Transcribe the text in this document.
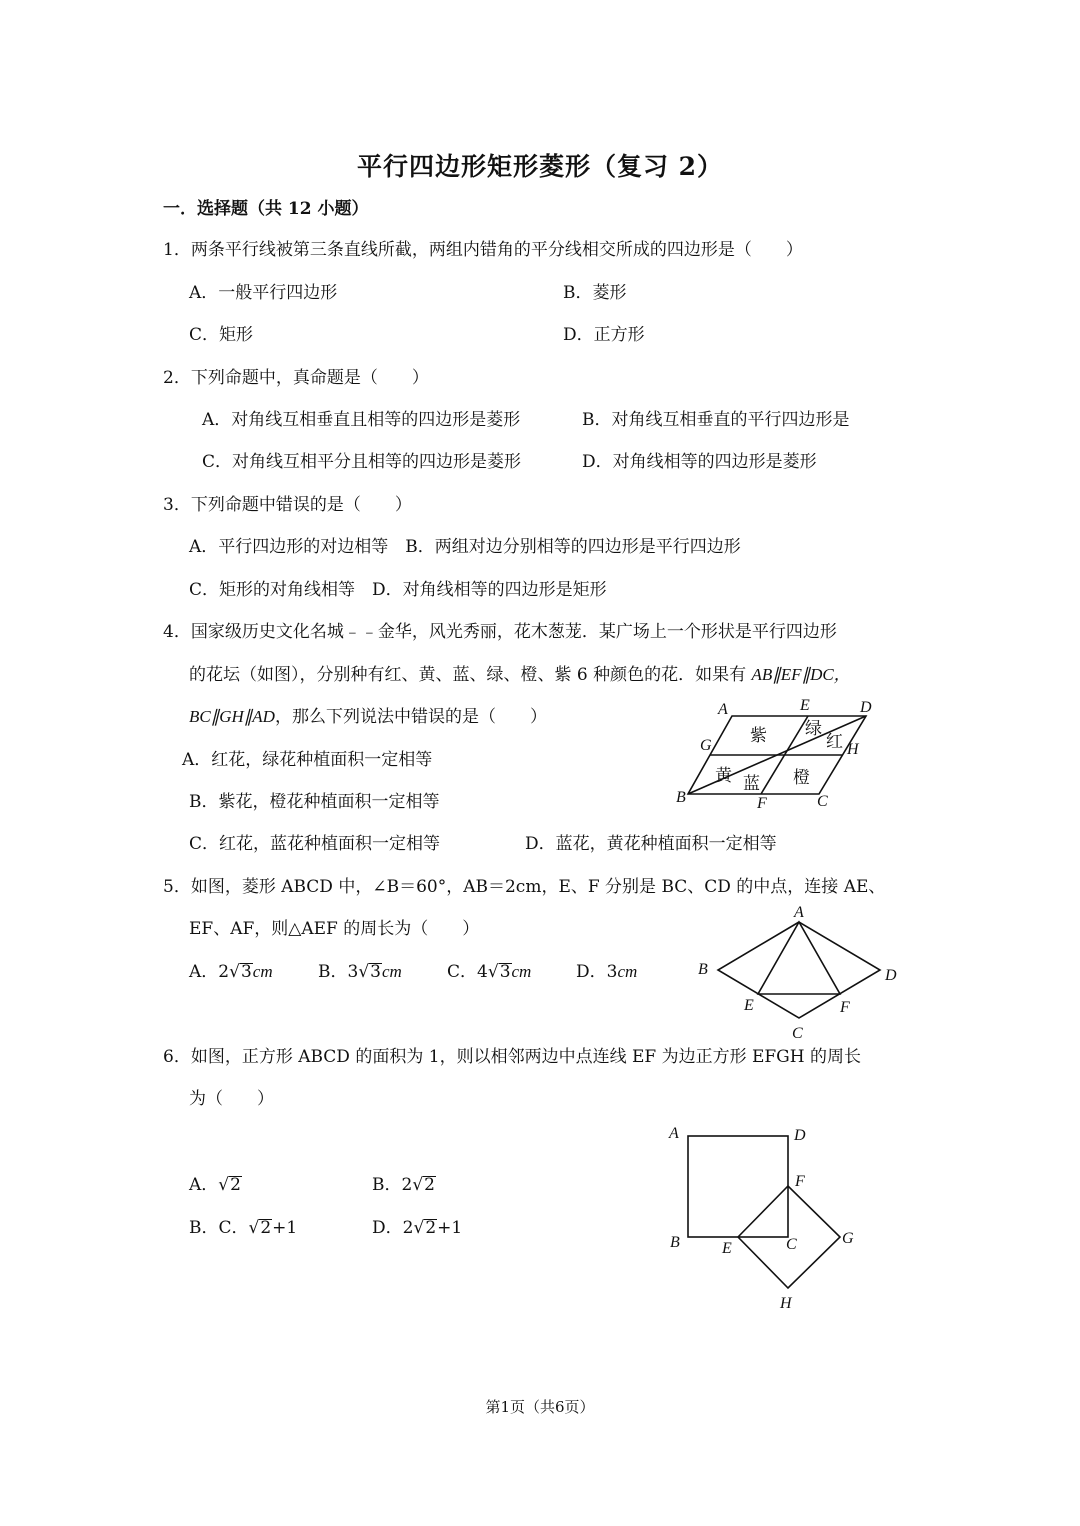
平行四边形矩形菱形（复习 2）
一．选择题（共 12 小题）
1．两条平行线被第三条直线所截，两组内错角的平分线相交所成的四边形是（　　）
A．一般平行四边形	B．菱形
C．矩形	D．正方形
2．下列命题中，真命题是（　　）
A．对角线互相垂直且相等的四边形是菱形	B．对角线互相垂直的平行四边形是
C．对角线互相平分且相等的四边形是菱形	D．对角线相等的四边形是菱形
3．下列命题中错误的是（　　）
A．平行四边形的对边相等　B．两组对边分别相等的四边形是平行四边形
C．矩形的对角线相等　D．对角线相等的四边形是矩形
4．国家级历史文化名城﹣﹣金华，风光秀丽，花木葱茏．某广场上一个形状是平行四边形
的花坛（如图），分别种有红、黄、蓝、绿、橙、紫 6 种颜色的花．如果有 AB∥EF∥DC，
BC∥GH∥AD，那么下列说法中错误的是（　　）
A．红花，绿花种植面积一定相等
B．紫花，橙花种植面积一定相等
C．红花，蓝花种植面积一定相等	D．蓝花，黄花种植面积一定相等
A	E	D
G	H
B	F	C
紫 绿
红
黄 蓝 橙
5．如图，菱形 ABCD 中，∠B＝60°，AB＝2cm，E、F 分别是 BC、CD 的中点，连接 AE、
EF、AF，则△AEF 的周长为（　　）
A．2√3cm	B．3√3cm	C．4√3cm	D．3cm
A
B	D
E	F
C
6．如图，正方形 ABCD 的面积为 1，则以相邻两边中点连线 EF 为边正方形 EFGH 的周长
为（　　）
A．√2	B．2√2
B．C．√2+1	D．2√2+1
A	D
F
G
B	E	C
H
第1页（共6页）
